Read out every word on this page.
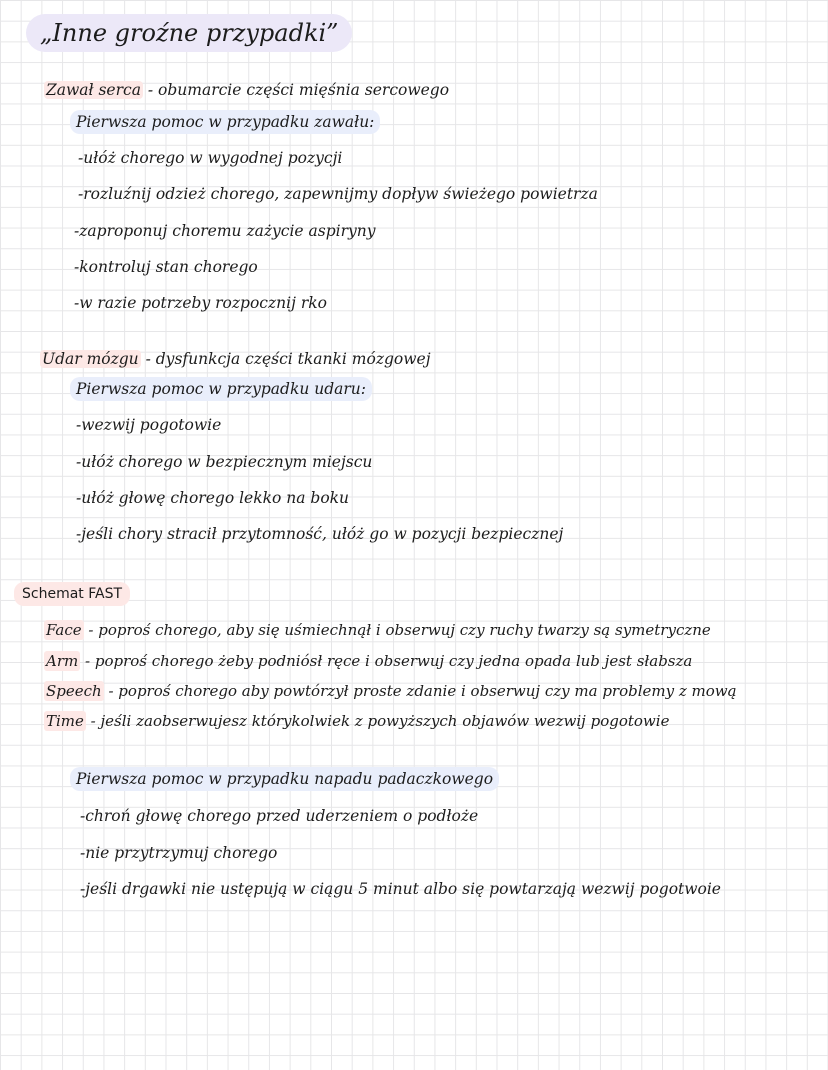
„Inne groźne przypadki”
Zawał serca - obumarcie części mięśnia sercowego
Pierwsza pomoc w przypadku zawału:
-ułóż chorego w wygodnej pozycji
-rozluźnij odzież chorego, zapewnijmy dopływ świeżego powietrza
-zaproponuj choremu zażycie aspiryny
-kontroluj stan chorego
-w razie potrzeby rozpocznij rko
Udar mózgu - dysfunkcja części tkanki mózgowej
Pierwsza pomoc w przypadku udaru:
-wezwij pogotowie
-ułóż chorego w bezpiecznym miejscu
-ułóż głowę chorego lekko na boku
-jeśli chory stracił przytomność, ułóż go w pozycji bezpiecznej
Schemat FAST
Face - poproś chorego, aby się uśmiechnął i obserwuj czy ruchy twarzy są symetryczne
Arm - poproś chorego żeby podniósł ręce i obserwuj czy jedna opada lub jest słabsza
Speech - poproś chorego aby powtórzył proste zdanie i obserwuj czy ma problemy z mową
Time - jeśli zaobserwujesz którykolwiek z powyższych objawów wezwij pogotowie
Pierwsza pomoc w przypadku napadu padaczkowego
-chroń głowę chorego przed uderzeniem o podłoże
-nie przytrzymuj chorego
-jeśli drgawki nie ustępują w ciągu 5 minut albo się powtarzają wezwij pogotwoie
